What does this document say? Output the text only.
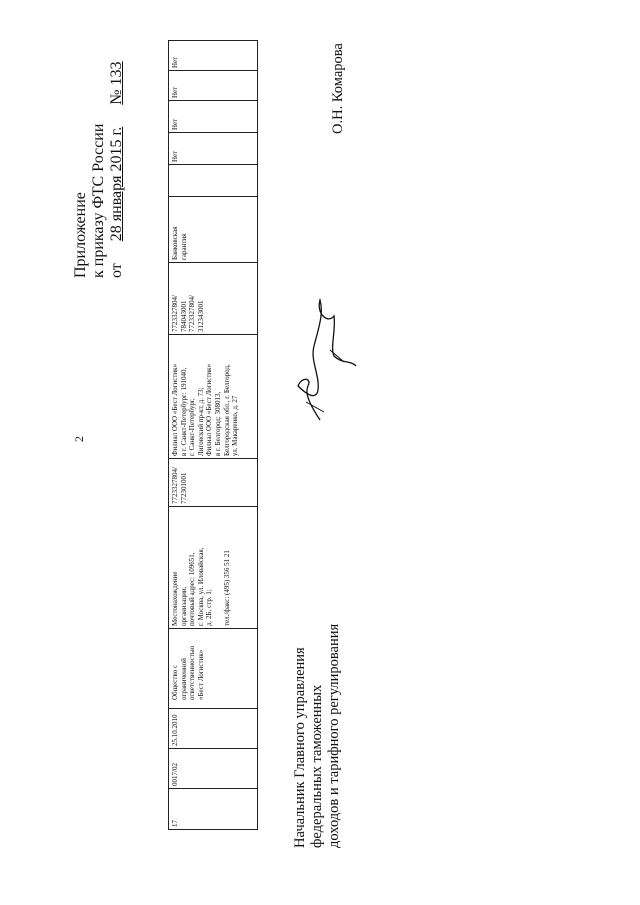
2
Приложение к приказу ФТС России от  28 января 2015 г.  № 133	Нет
Нет
Нет
Нет
Банковская гарантия
7723327804/ 784043001 7723327804/ 312343001
Филиал ООО «Бест Логистик» в г. Санкт-Петербург: 191040, г. Санкт-Петербург, Лиговский пр-кт, д. 73; Филиал ООО «Бест Логистик» в г. Белгород: 308013, Белгородская обл., г. Белгород, ул. Макаренко, д. 27
7723327804/ 772301001
Местонахождение организации, почтовый адрес: 109651, г. Москва, ул. Иловайская, д. 2Б, стр. 1;
тел./факс: (495) 356 51 21
Общество с ограниченной ответственностью «Бест Логистик»
25.10.2010
0017/02
17	Начальник Главного управления федеральных таможенных доходов и тарифного регулирования
О.Н. Комарова
